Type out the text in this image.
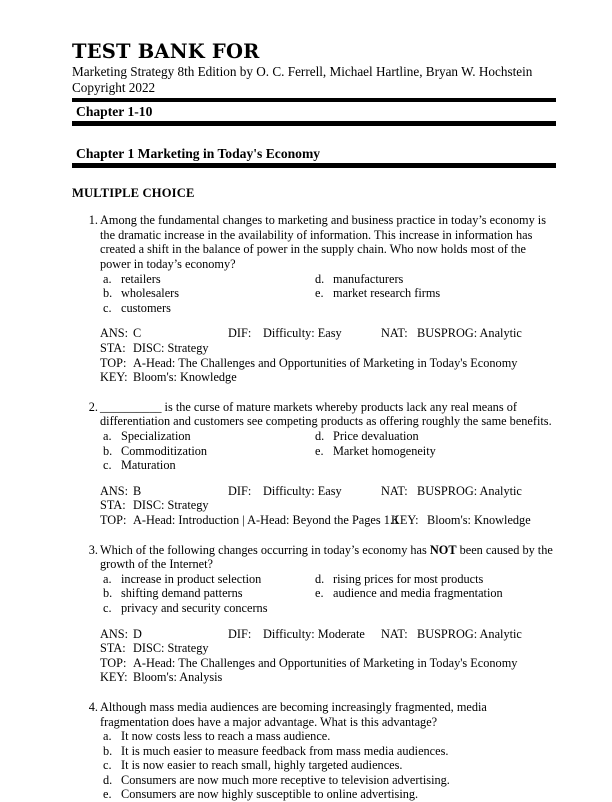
TEST BANK FOR
Marketing Strategy 8th Edition by O. C. Ferrell, Michael Hartline, Bryan W. Hochstein
Copyright 2022
Chapter 1-10
Chapter 1 Marketing in Today's Economy
MULTIPLE CHOICE
1. Among the fundamental changes to marketing and business practice in today’s economy is the dramatic increase in the availability of information. This increase in information has created a shift in the balance of power in the supply chain. Who now holds most of the power in today’s economy?

a. retailers
b. wholesalers
c. customers
d. manufacturers
e. market research firms
ANS: C	DIF: Difficulty: Easy	NAT: BUSPROG: Analytic
STA: DISC: Strategy
TOP: A-Head: The Challenges and Opportunities of Marketing in Today's Economy
KEY: Bloom's: Knowledge
2. __________ is the curse of mature markets whereby products lack any real means of differentiation and customers see competing products as offering roughly the same benefits.

a. Specialization
b. Commoditization
c. Maturation
d. Price devaluation
e. Market homogeneity
ANS: B	DIF: Difficulty: Easy	NAT: BUSPROG: Analytic
STA: DISC: Strategy
TOP: A-Head: Introduction | A-Head: Beyond the Pages 1.1
KEY: Bloom's: Knowledge
3. Which of the following changes occurring in today’s economy has NOT been caused by the growth of the Internet?

a. increase in product selection
b. shifting demand patterns
c. privacy and security concerns
d. rising prices for most products
e. audience and media fragmentation
ANS: D	DIF: Difficulty: Moderate NAT: BUSPROG: Analytic
STA: DISC: Strategy
TOP: A-Head: The Challenges and Opportunities of Marketing in Today's Economy
KEY: Bloom's: Analysis
4. Although mass media audiences are becoming increasingly fragmented, media fragmentation does have a major advantage. What is this advantage?

a. It now costs less to reach a mass audience.
b. It is much easier to measure feedback from mass media audiences.
c. It is now easier to reach small, highly targeted audiences.
d. Consumers are now much more receptive to television advertising.
e. Consumers are now highly susceptible to online advertising.
